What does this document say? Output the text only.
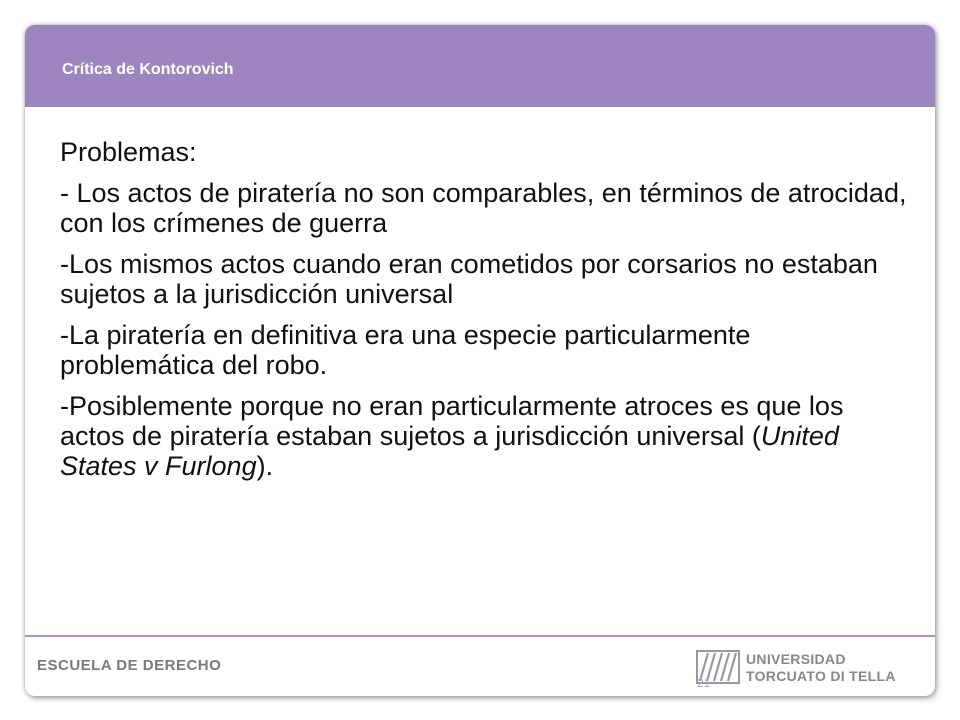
Crítica de Kontorovich

Problemas:

- Los actos de piratería no son comparables, en términos de atrocidad, con los crímenes de guerra

-Los mismos actos cuando eran cometidos por corsarios no estaban sujetos a la jurisdicción universal

-La piratería en definitiva era una especie particularmente problemática del robo.

-Posiblemente porque no eran particularmente atroces es que los actos de piratería estaban sujetos a jurisdicción universal (United States v Furlong).

ESCUELA DE DERECHO	UNIVERSIDAD
TORCUATO DI TELLA
21
